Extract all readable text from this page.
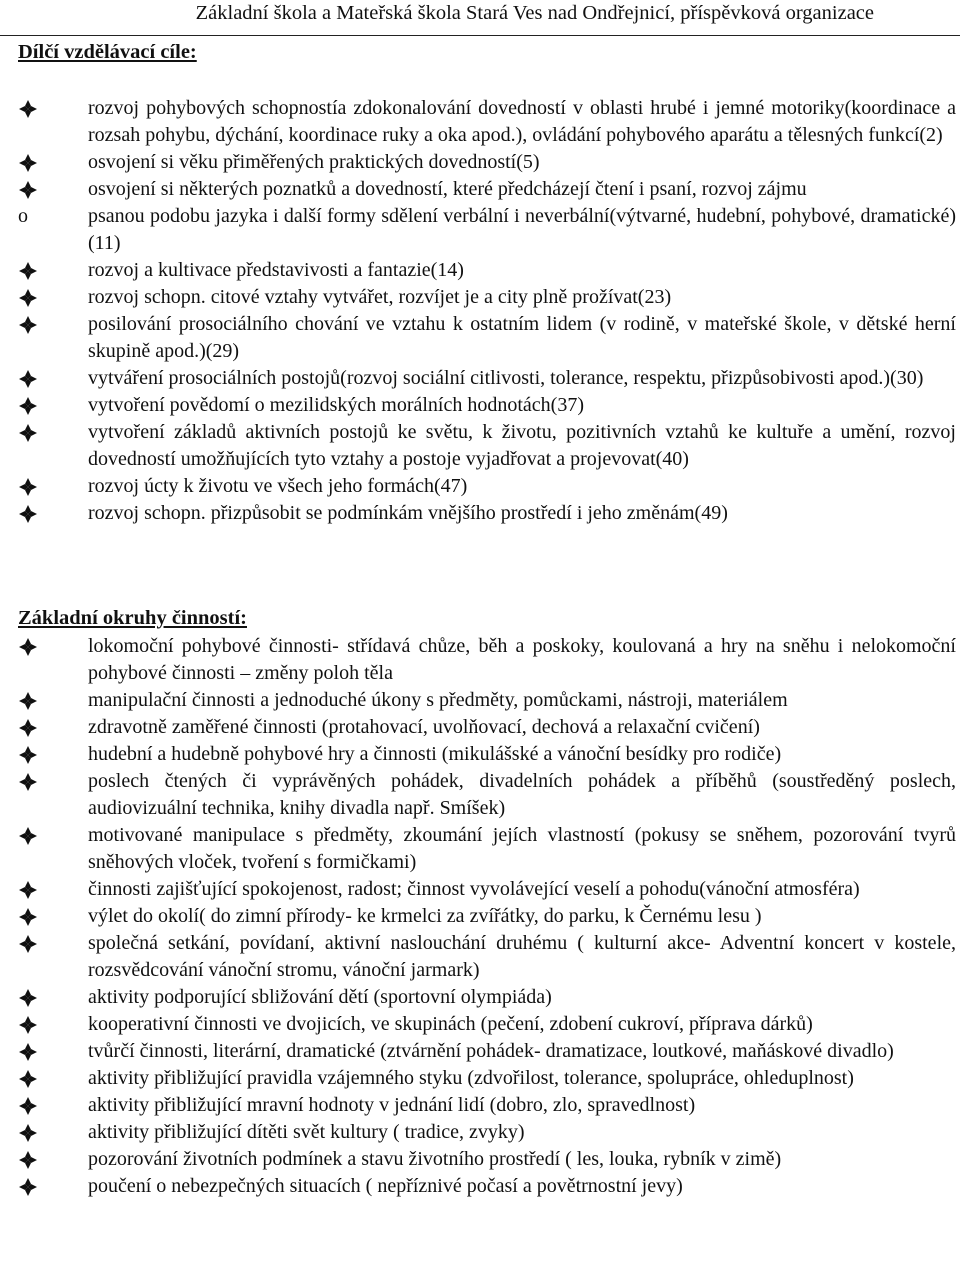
Základní škola a Mateřská škola Stará Ves nad Ondřejnicí, příspěvková organizace
Dílčí vzdělávací cíle:
rozvoj pohybových schopnostía zdokonalování dovedností v oblasti hrubé i jemné motoriky(koordinace a rozsah pohybu, dýchání, koordinace ruky a oka apod.), ovládání pohybového aparátu a tělesných funkcí(2)
osvojení si věku přiměřených praktických dovedností(5)
osvojení si některých poznatků a dovedností, které předcházejí čtení i psaní, rozvoj zájmu
o	psanou podobu jazyka i další formy sdělení verbální i neverbální(výtvarné, hudební, pohybové, dramatické)(11)
rozvoj a kultivace představivosti a fantazie(14)
rozvoj schopn. citové vztahy vytvářet, rozvíjet je a city plně prožívat(23)
posilování prosociálního chování ve vztahu k ostatním lidem (v rodině, v mateřské škole, v dětské herní skupině apod.)(29)
vytváření prosociálních postojů(rozvoj sociální citlivosti, tolerance, respektu, přizpůsobivosti apod.)(30)
vytvoření povědomí o mezilidských morálních hodnotách(37)
vytvoření základů aktivních postojů ke světu, k životu, pozitivních vztahů ke kultuře a umění, rozvoj dovedností umožňujících tyto vztahy a postoje vyjadřovat a projevovat(40)
rozvoj úcty k životu ve všech jeho formách(47)
rozvoj schopn. přizpůsobit se podmínkám vnějšího prostředí i jeho změnám(49)
Základní okruhy činností:
lokomoční pohybové činnosti- střídavá chůze, běh a poskoky, koulovaná a hry na sněhu i nelokomoční pohybové činnosti – změny poloh těla
manipulační činnosti a jednoduché úkony s předměty, pomůckami, nástroji, materiálem
zdravotně zaměřené činnosti (protahovací, uvolňovací, dechová a relaxační cvičení)
hudební a hudebně pohybové hry a činnosti (mikulášské a vánoční besídky pro rodiče)
poslech čtených či vyprávěných pohádek, divadelních pohádek a příběhů (soustředěný poslech, audiovizuální technika, knihy divadla např. Smíšek)
motivované manipulace s předměty, zkoumání jejích vlastností (pokusy se sněhem, pozorování tvyrů sněhových vloček, tvoření s formičkami)
činnosti zajišťující spokojenost, radost; činnost vyvolávející veselí a pohodu(vánoční atmosféra)
výlet do okolí( do zimní přírody- ke krmelci za zvířátky, do parku, k Černému lesu )
společná setkání, povídaní, aktivní naslouchání druhému ( kulturní akce- Adventní koncert v kostele, rozsvědcování vánoční stromu, vánoční jarmark)
aktivity podporující sbližování dětí (sportovní olympiáda)
kooperativní činnosti ve dvojicích, ve skupinách (pečení, zdobení cukroví, příprava dárků)
tvůrčí činnosti, literární, dramatické (ztvárnění pohádek- dramatizace, loutkové, maňáskové divadlo)
aktivity přibližující pravidla vzájemného styku (zdvořilost, tolerance, spolupráce, ohleduplnost)
aktivity přibližující mravní hodnoty v jednání lidí (dobro, zlo, spravedlnost)
aktivity přibližující dítěti svět kultury ( tradice, zvyky)
pozorování životních podmínek a stavu životního prostředí ( les, louka, rybník v zimě)
poučení o nebezpečných situacích ( nepříznivé počasí a povětrnostní jevy)
